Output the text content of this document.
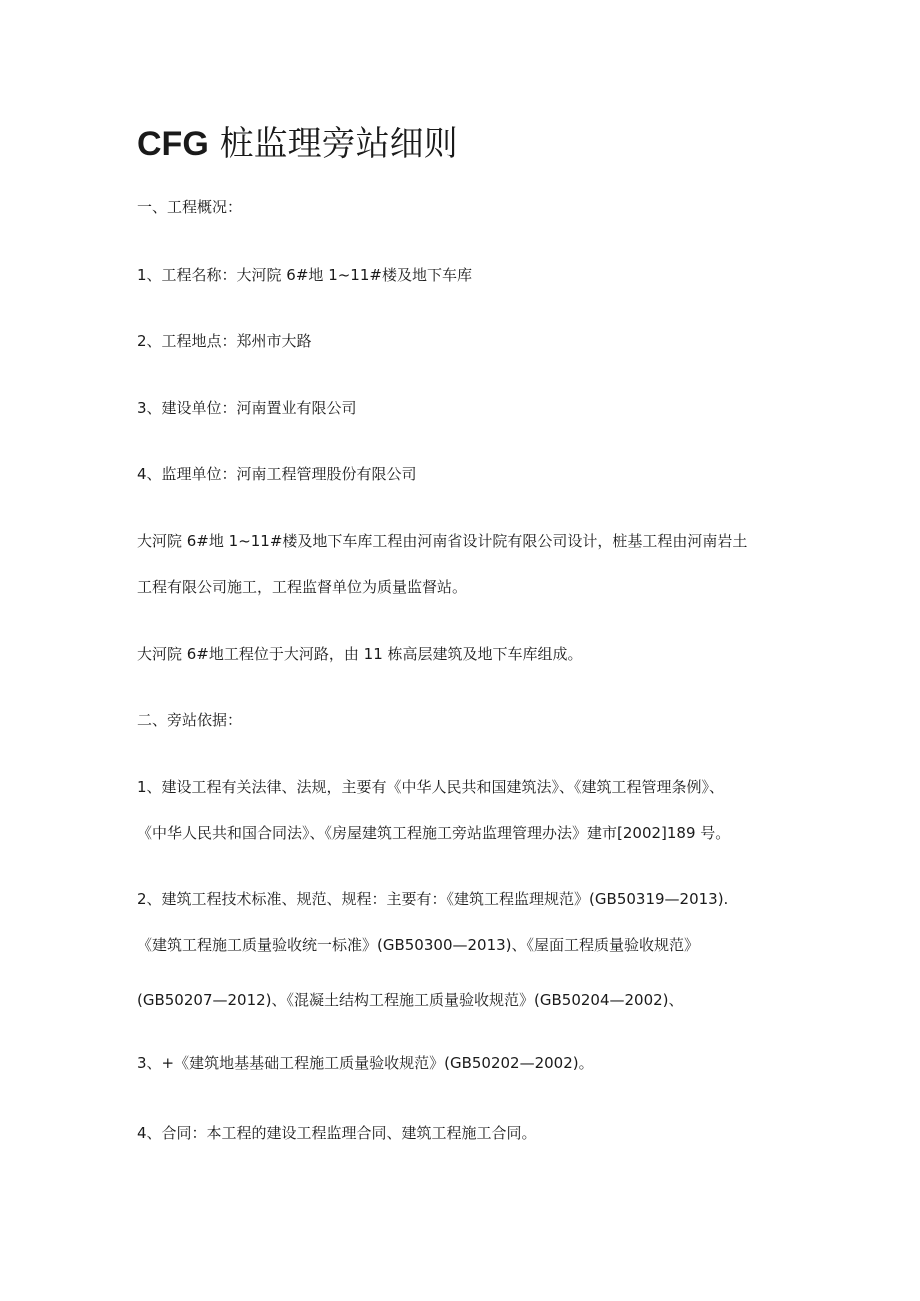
CFG 桩监理旁站细则

一、工程概况：

1、工程名称：大河院 6#地 1~11#楼及地下车库

2、工程地点：郑州市大路

3、建设单位：河南置业有限公司

4、监理单位：河南工程管理股份有限公司

大河院 6#地 1~11#楼及地下车库工程由河南省设计院有限公司设计，桩基工程由河南岩土

工程有限公司施工，工程监督单位为质量监督站。

大河院 6#地工程位于大河路，由 11 栋高层建筑及地下车库组成。

二、旁站依据：

1、建设工程有关法律、法规，主要有《中华人民共和国建筑法》、《建筑工程管理条例》、

《中华人民共和国合同法》、《房屋建筑工程施工旁站监理管理办法》建市[2002]189 号。

2、建筑工程技术标准、规范、规程：主要有：《建筑工程监理规范》(GB50319—2013).

《建筑工程施工质量验收统一标准》(GB50300—2013)、《屋面工程质量验收规范》

(GB50207—2012)、《混凝土结构工程施工质量验收规范》(GB50204—2002)、

3、+《建筑地基基础工程施工质量验收规范》(GB50202—2002)。

4、合同：本工程的建设工程监理合同、建筑工程施工合同。
